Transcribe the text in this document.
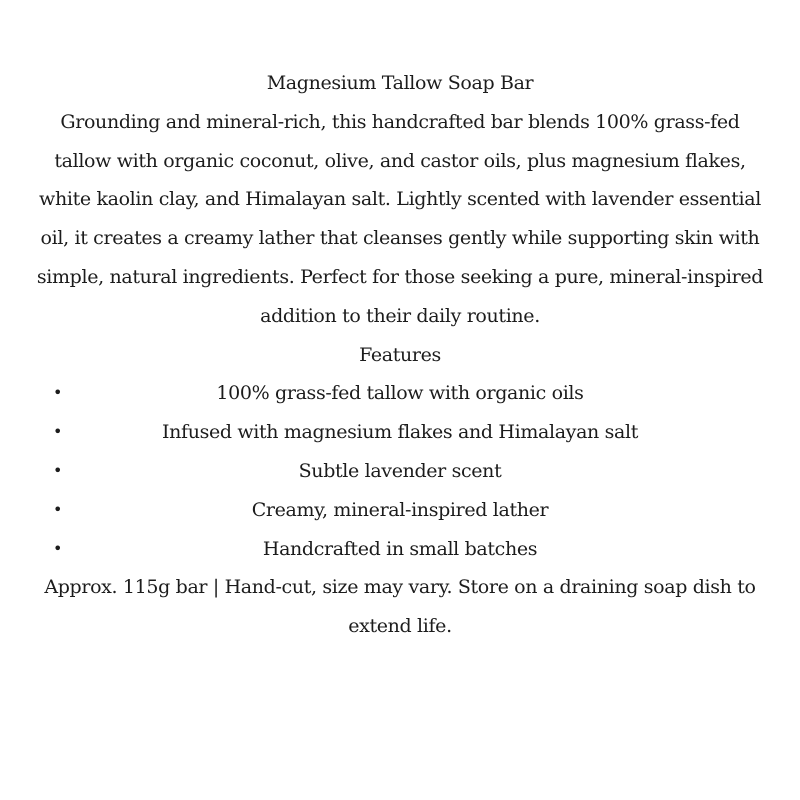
Magnesium Tallow Soap Bar

Grounding and mineral-rich, this handcrafted bar blends 100% grass-fed tallow with organic coconut, olive, and castor oils, plus magnesium flakes, white kaolin clay, and Himalayan salt. Lightly scented with lavender essential oil, it creates a creamy lather that cleanses gently while supporting skin with simple, natural ingredients. Perfect for those seeking a pure, mineral-inspired addition to their daily routine.

Features
•	100% grass-fed tallow with organic oils
•	Infused with magnesium flakes and Himalayan salt
•	Subtle lavender scent
•	Creamy, mineral-inspired lather
•	Handcrafted in small batches

Approx. 115g bar | Hand-cut, size may vary. Store on a draining soap dish to extend life.
